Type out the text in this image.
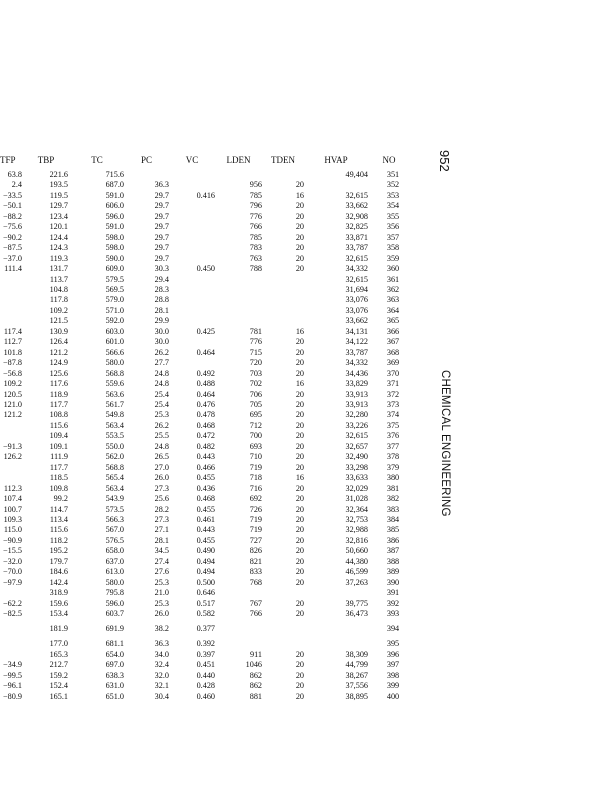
TFP	TBP	TC	PC	VC	LDEN	TDEN	HVAP	NO
63.8	221.6	715.6					49,404	351
2.4	193.5	687.0	36.3		956	20		352
−33.5	119.5	591.0	29.7	0.416	785	16	32,615	353
−50.1	129.7	606.0	29.7		796	20	33,662	354
−88.2	123.4	596.0	29.7		776	20	32,908	355
−75.6	120.1	591.0	29.7		766	20	32,825	356
−90.2	124.4	598.0	29.7		785	20	33,871	357
−87.5	124.3	598.0	29.7		783	20	33,787	358
−37.0	119.3	590.0	29.7		763	20	32,615	359
111.4	131.7	609.0	30.3	0.450	788	20	34,332	360
	113.7	579.5	29.4				32,615	361
	104.8	569.5	28.3				31,694	362
	117.8	579.0	28.8				33,076	363
	109.2	571.0	28.1				33,076	364
	121.5	592.0	29.9				33,662	365
117.4	130.9	603.0	30.0	0.425	781	16	34,131	366
112.7	126.4	601.0	30.0		776	20	34,122	367
101.8	121.2	566.6	26.2	0.464	715	20	33,787	368
−87.8	124.9	580.0	27.7		720	20	34,332	369
−56.8	125.6	568.8	24.8	0.492	703	20	34,436	370
109.2	117.6	559.6	24.8	0.488	702	16	33,829	371
120.5	118.9	563.6	25.4	0.464	706	20	33,913	372
121.0	117.7	561.7	25.4	0.476	705	20	33,913	373
121.2	108.8	549.8	25.3	0.478	695	20	32,280	374
	115.6	563.4	26.2	0.468	712	20	33,226	375
	109.4	553.5	25.5	0.472	700	20	32,615	376
−91.3	109.1	550.0	24.8	0.482	693	20	32,657	377
126.2	111.9	562.0	26.5	0.443	710	20	32,490	378
	117.7	568.8	27.0	0.466	719	20	33,298	379
	118.5	565.4	26.0	0.455	718	16	33,633	380
112.3	109.8	563.4	27.3	0.436	716	20	32,029	381
107.4	99.2	543.9	25.6	0.468	692	20	31,028	382
100.7	114.7	573.5	28.2	0.455	726	20	32,364	383
109.3	113.4	566.3	27.3	0.461	719	20	32,753	384
115.0	115.6	567.0	27.1	0.443	719	20	32,988	385
−90.9	118.2	576.5	28.1	0.455	727	20	32,816	386
−15.5	195.2	658.0	34.5	0.490	826	20	50,660	387
−32.0	179.7	637.0	27.4	0.494	821	20	44,380	388
−70.0	184.6	613.0	27.6	0.494	833	20	46,599	389
−97.9	142.4	580.0	25.3	0.500	768	20	37,263	390
	318.9	795.8	21.0	0.646				391
−62.2	159.6	596.0	25.3	0.517	767	20	39,775	392
−82.5	153.4	603.7	26.0	0.582	766	20	36,473	393
	181.9	691.9	38.2	0.377				394
	177.0	681.1	36.3	0.392				395
	165.3	654.0	34.0	0.397	911	20	38,309	396
−34.9	212.7	697.0	32.4	0.451	1046	20	44,799	397
−99.5	159.2	638.3	32.0	0.440	862	20	38,267	398
−96.1	152.4	631.0	32.1	0.428	862	20	37,556	399
−80.9	165.1	651.0	30.4	0.460	881	20	38,895	400
952
CHEMICAL ENGINEERING
